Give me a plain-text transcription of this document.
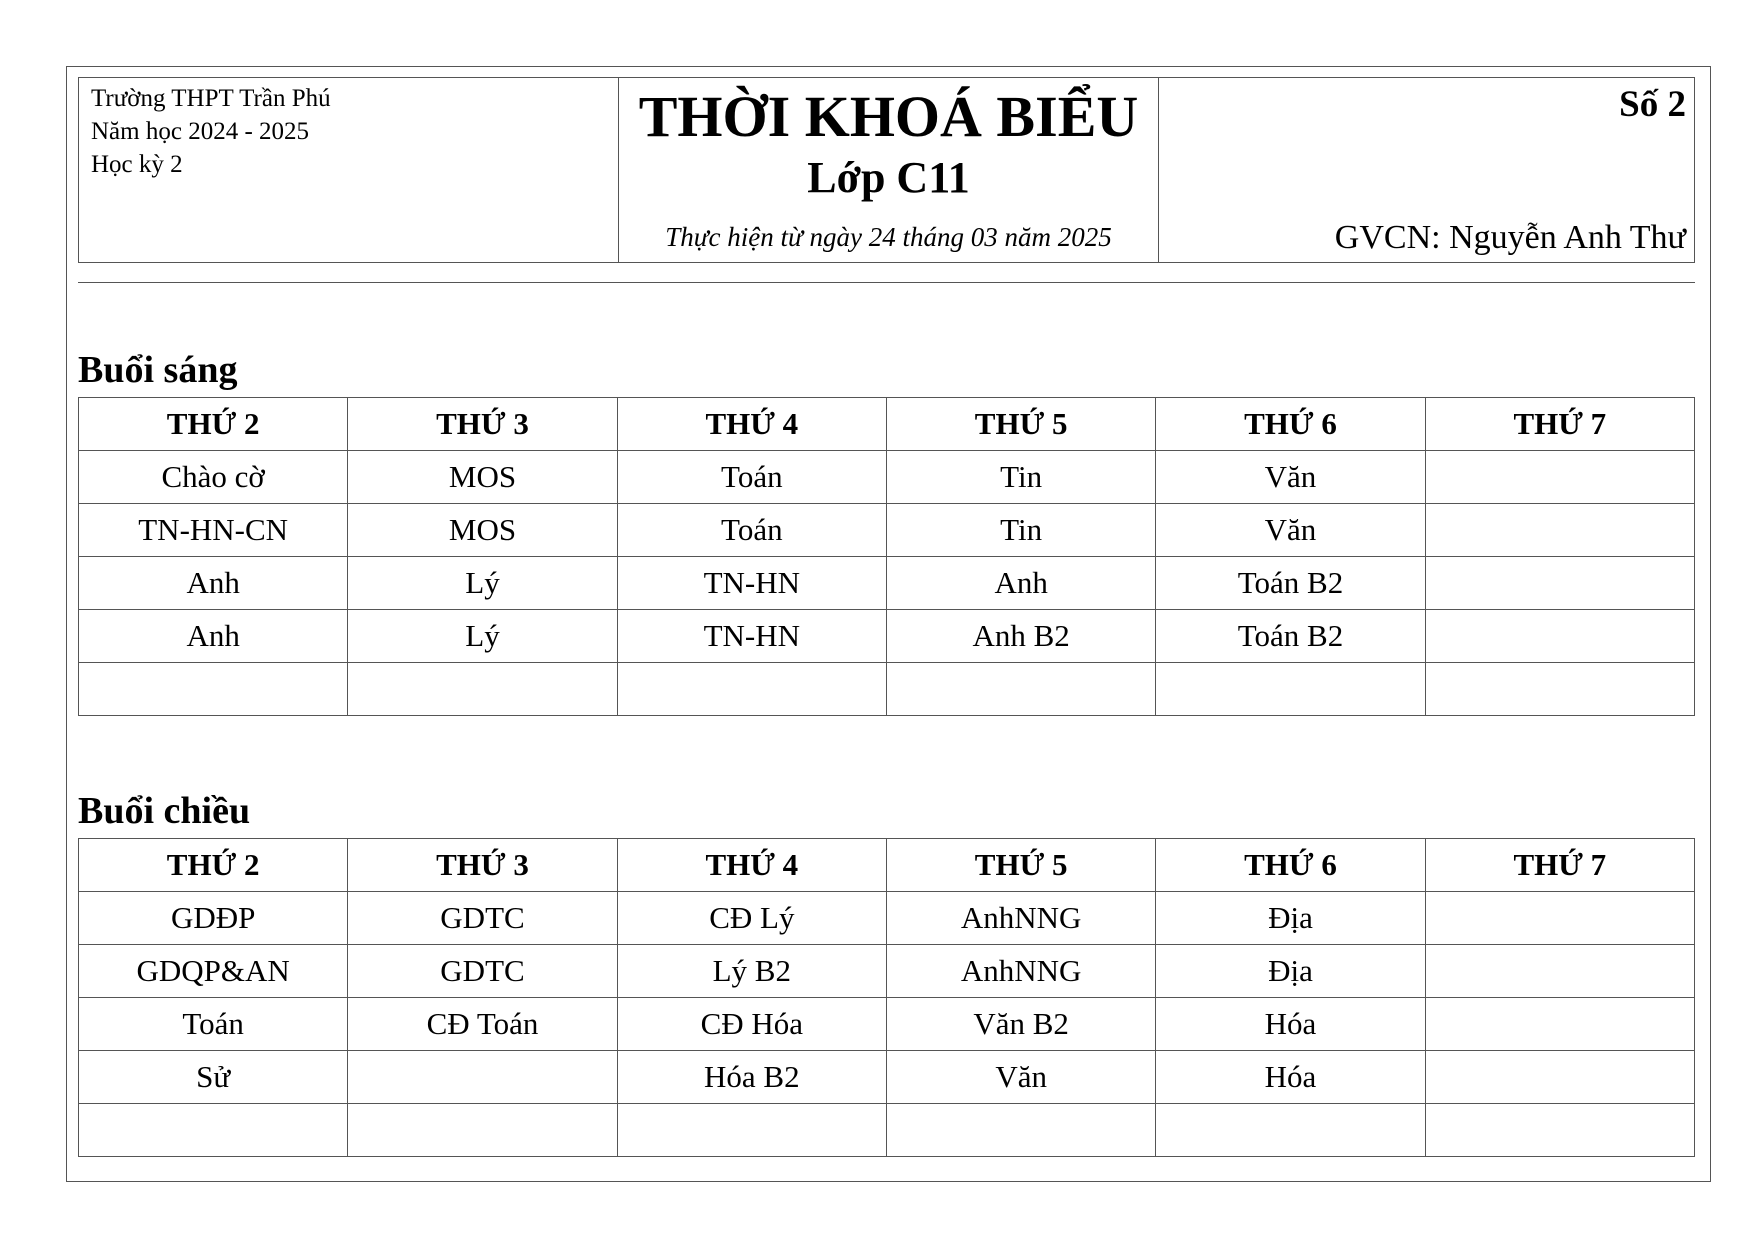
Trường THPT Trần Phú
Năm học 2024 - 2025
Học kỳ 2
THỜI KHOÁ BIỂU
Lớp C11
Thực hiện từ ngày 24 tháng 03 năm 2025
Số 2
GVCN: Nguyễn Anh Thư
Buổi sáng
THỨ 2	THỨ 3	THỨ 4	THỨ 5	THỨ 6	THỨ 7
Chào cờ	MOS	Toán	Tin	Văn	
TN-HN-CN	MOS	Toán	Tin	Văn	
Anh	Lý	TN-HN	Anh	Toán B2	
Anh	Lý	TN-HN	Anh B2	Toán B2	

Buổi chiều
THỨ 2	THỨ 3	THỨ 4	THỨ 5	THỨ 6	THỨ 7
GDĐP	GDTC	CĐ Lý	AnhNNG	Địa	
GDQP&AN	GDTC	Lý B2	AnhNNG	Địa	
Toán	CĐ Toán	CĐ Hóa	Văn B2	Hóa	
Sử		Hóa B2	Văn	Hóa	
